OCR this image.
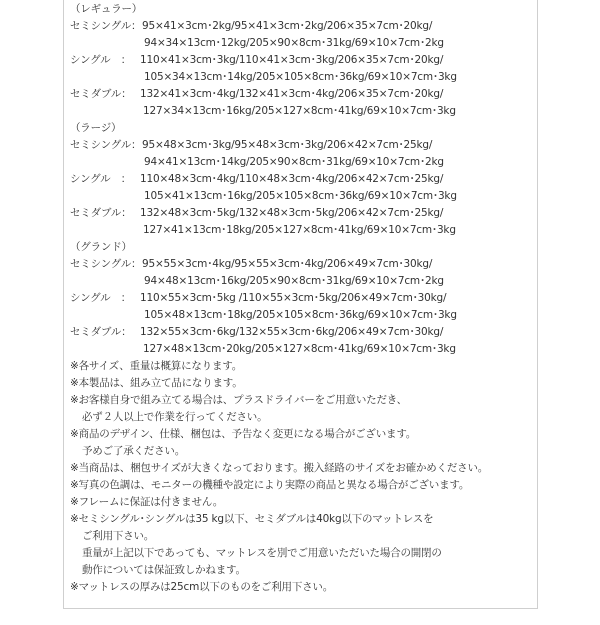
（レギュラー）
セミシングル： 95×41×3cm･2kg/95×41×3cm･2kg/206×35×7cm･20kg/
94×34×13cm･12kg/205×90×8cm･31kg/69×10×7cm･2kg
シングル　： 110×41×3cm･3kg/110×41×3cm･3kg/206×35×7cm･20kg/
105×34×13cm･14kg/205×105×8cm･36kg/69×10×7cm･3kg
セミダブル： 132×41×3cm･4kg/132×41×3cm･4kg/206×35×7cm･20kg/
127×34×13cm･16kg/205×127×8cm･41kg/69×10×7cm･3kg
（ラージ）
セミシングル： 95×48×3cm･3kg/95×48×3cm･3kg/206×42×7cm･25kg/
94×41×13cm･14kg/205×90×8cm･31kg/69×10×7cm･2kg
シングル　： 110×48×3cm･4kg/110×48×3cm･4kg/206×42×7cm･25kg/
105×41×13cm･16kg/205×105×8cm･36kg/69×10×7cm･3kg
セミダブル： 132×48×3cm･5kg/132×48×3cm･5kg/206×42×7cm･25kg/
127×41×13cm･18kg/205×127×8cm･41kg/69×10×7cm･3kg
（グランド）
セミシングル： 95×55×3cm･4kg/95×55×3cm･4kg/206×49×7cm･30kg/
94×48×13cm･16kg/205×90×8cm･31kg/69×10×7cm･2kg
シングル　： 110×55×3cm･5kg /110×55×3cm･5kg/206×49×7cm･30kg/
105×48×13cm･18kg/205×105×8cm･36kg/69×10×7cm･3kg
セミダブル： 132×55×3cm･6kg/132×55×3cm･6kg/206×49×7cm･30kg/
127×48×13cm･20kg/205×127×8cm･41kg/69×10×7cm･3kg
※各サイズ、重量は概算になります。
※本製品は、組み立て品になります。
※お客様自身で組み立てる場合は、プラスドライバーをご用意いただき、
必ず２人以上で作業を行ってください。
※商品のデザイン、仕様、梱包は、予告なく変更になる場合がございます。
予めご了承ください。
※当商品は、梱包サイズが大きくなっております。搬入経路のサイズをお確かめください。
※写真の色調は、モニターの機種や設定により実際の商品と異なる場合がございます。
※フレームに保証は付きません。
※セミシングル･シングルは35 kg以下、セミダブルは40kg以下のマットレスを
ご利用下さい。
重量が上記以下であっても、マットレスを別でご用意いただいた場合の開閉の
動作については保証致しかねます。
※マットレスの厚みは25cm以下のものをご利用下さい。
